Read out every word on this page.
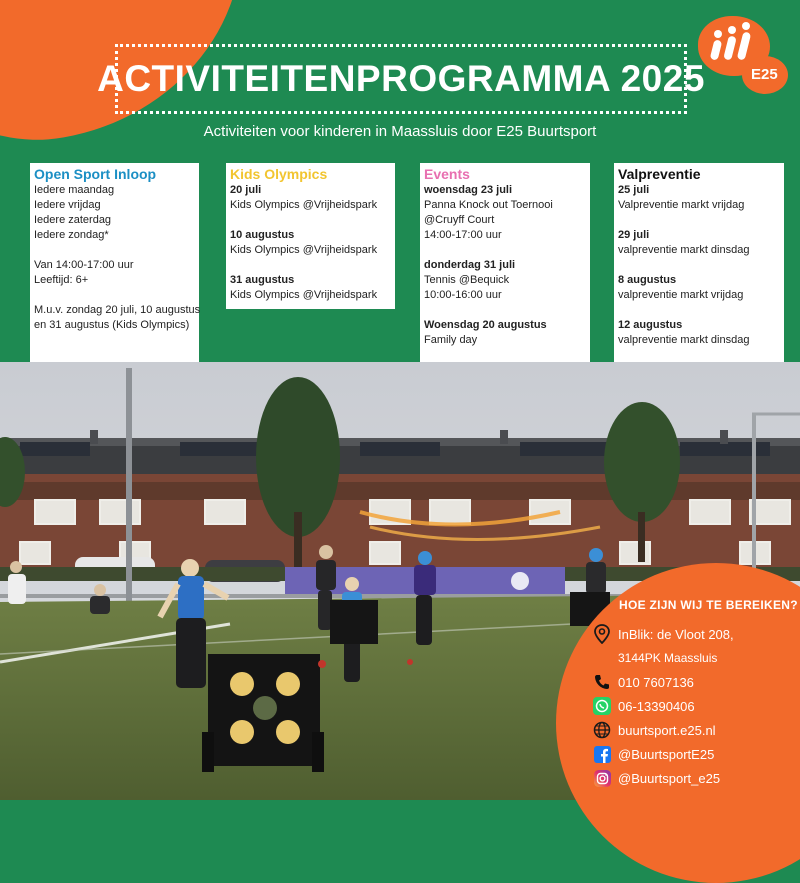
E25
ACTIVITEITENPROGRAMMA 2025
Activiteiten voor kinderen in Maassluis door E25 Buurtsport
Open Sport Inloop
Iedere maandag
Iedere vrijdag
Iedere zaterdag
Iedere zondag*
Van 14:00-17:00 uur
Leeftijd: 6+
M.u.v. zondag 20 juli, 10 augustus
en 31 augustus (Kids Olympics)
Kids Olympics
20 juli
Kids Olympics @Vrijheidspark
10 augustus
Kids Olympics @Vrijheidspark
31 augustus
Kids Olympics @Vrijheidspark
Events
woensdag 23 juli
Panna Knock out Toernooi
@Cruyff Court
14:00-17:00 uur
donderdag 31 juli
Tennis @Bequick
10:00-16:00 uur
Woensdag 20 augustus
Family day
Valpreventie
25 juli
Valpreventie markt vrijdag
29 juli
valpreventie markt dinsdag
8 augustus
valpreventie markt vrijdag
12 augustus
valpreventie markt dinsdag
HOE ZIJN WIJ TE BEREIKEN?
InBlik: de Vloot 208,
3144PK Maassluis
010 7607136
06-13390406
buurtsport.e25.nl
@BuurtsportE25
@Buurtsport_e25
